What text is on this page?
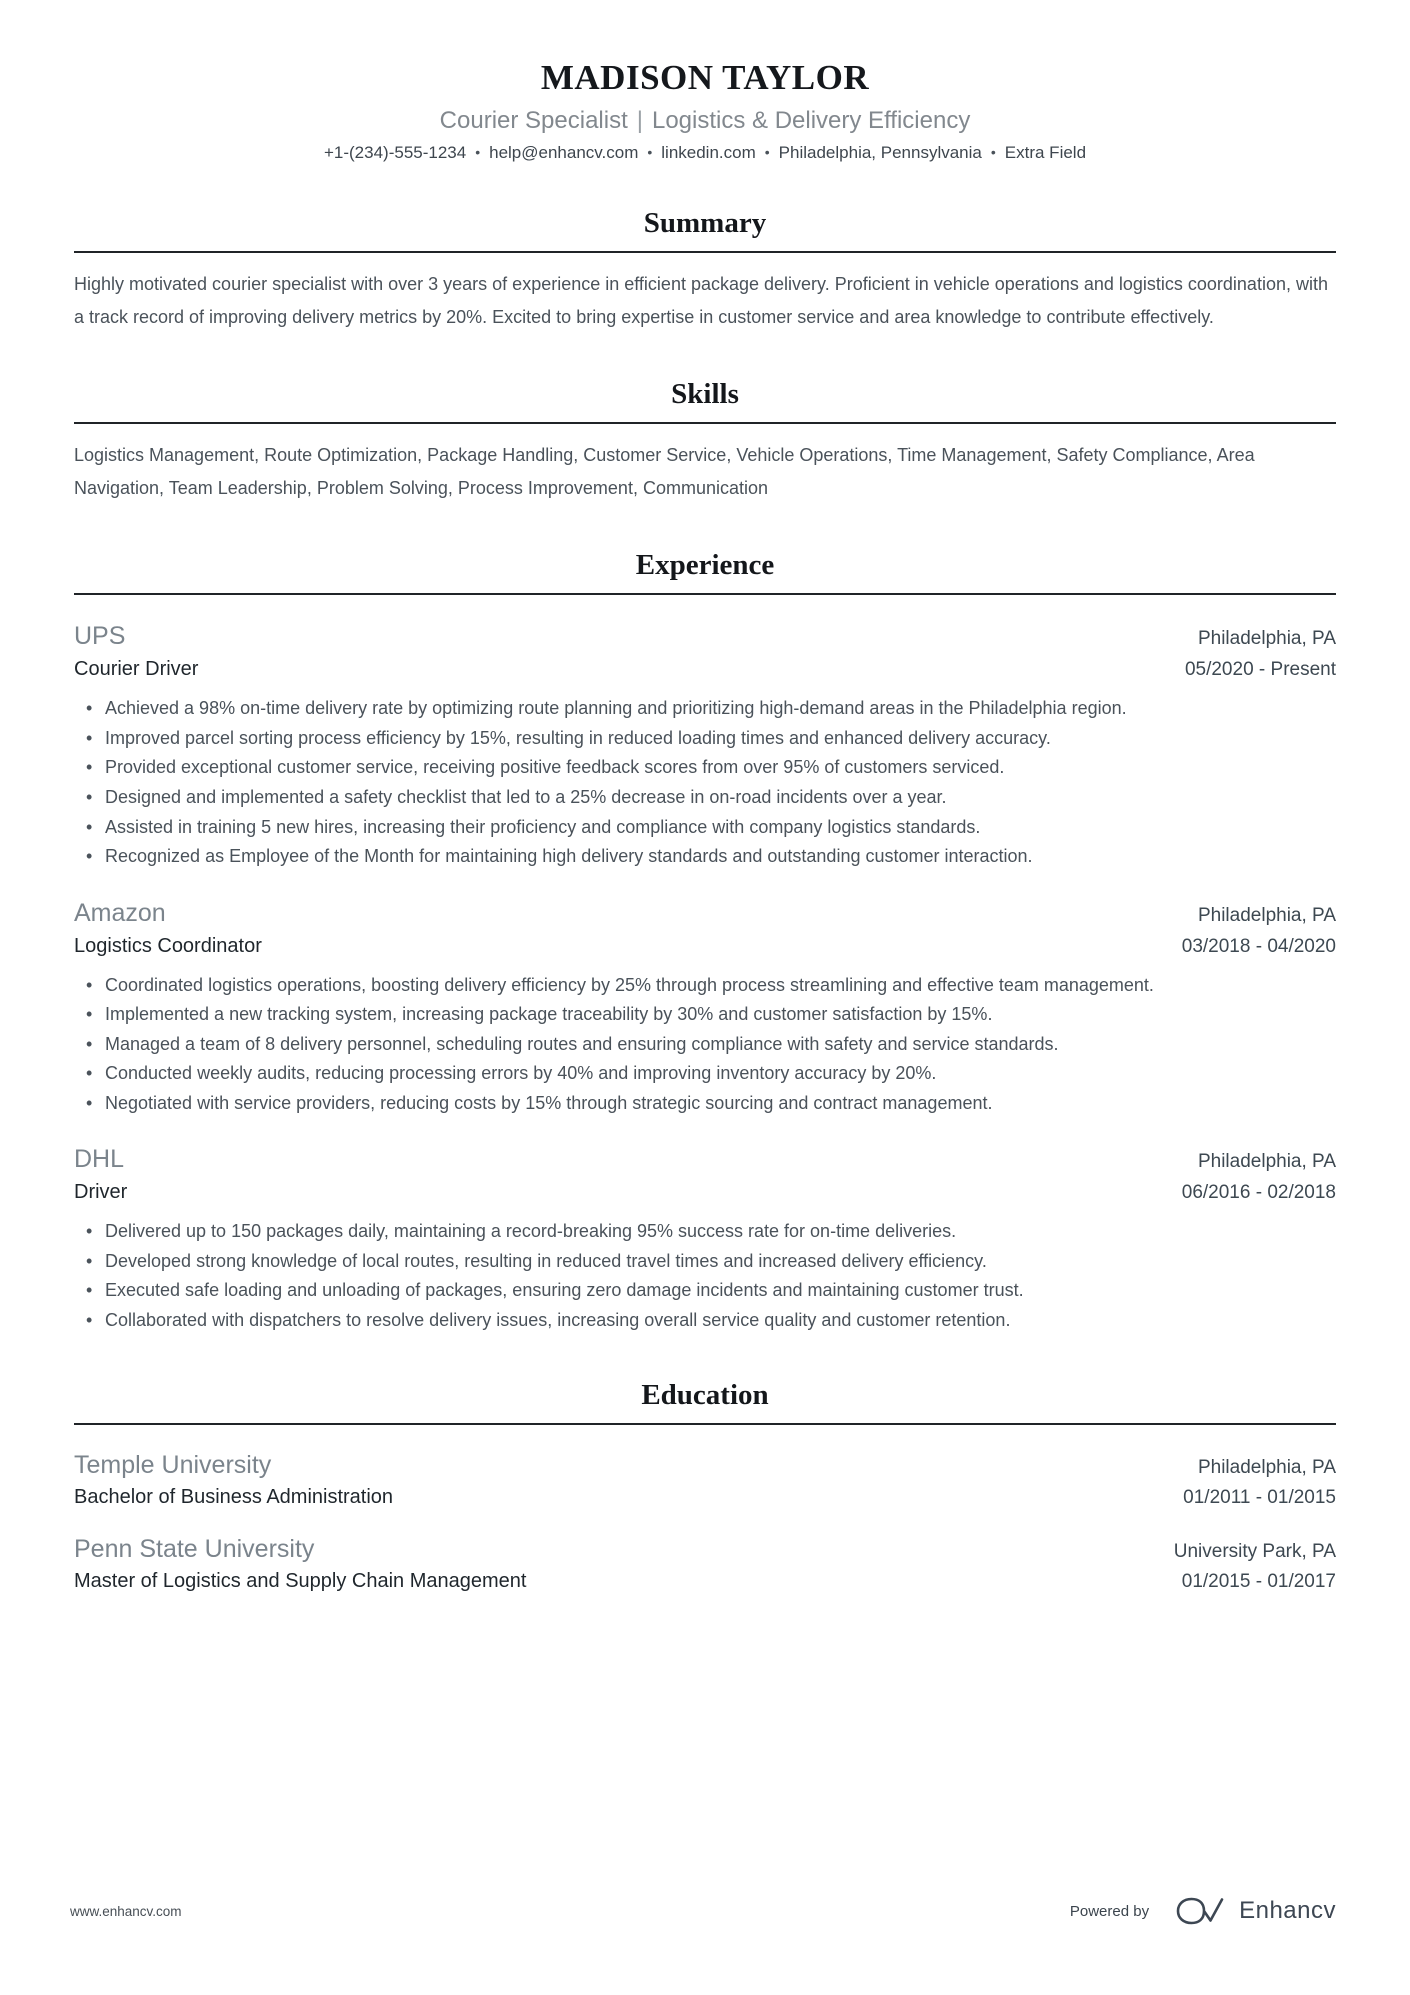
MADISON TAYLOR
Courier Specialist | Logistics & Delivery Efficiency
+1-(234)-555-1234 • help@enhancv.com • linkedin.com • Philadelphia, Pennsylvania • Extra Field
Summary
Highly motivated courier specialist with over 3 years of experience in efficient package delivery. Proficient in vehicle operations and logistics coordination, with a track record of improving delivery metrics by 20%. Excited to bring expertise in customer service and area knowledge to contribute effectively.
Skills
Logistics Management, Route Optimization, Package Handling, Customer Service, Vehicle Operations, Time Management, Safety Compliance, Area Navigation, Team Leadership, Problem Solving, Process Improvement, Communication
Experience
UPS	Philadelphia, PA
Courier Driver	05/2020 - Present
• Achieved a 98% on-time delivery rate by optimizing route planning and prioritizing high-demand areas in the Philadelphia region.
• Improved parcel sorting process efficiency by 15%, resulting in reduced loading times and enhanced delivery accuracy.
• Provided exceptional customer service, receiving positive feedback scores from over 95% of customers serviced.
• Designed and implemented a safety checklist that led to a 25% decrease in on-road incidents over a year.
• Assisted in training 5 new hires, increasing their proficiency and compliance with company logistics standards.
• Recognized as Employee of the Month for maintaining high delivery standards and outstanding customer interaction.
Amazon	Philadelphia, PA
Logistics Coordinator	03/2018 - 04/2020
• Coordinated logistics operations, boosting delivery efficiency by 25% through process streamlining and effective team management.
• Implemented a new tracking system, increasing package traceability by 30% and customer satisfaction by 15%.
• Managed a team of 8 delivery personnel, scheduling routes and ensuring compliance with safety and service standards.
• Conducted weekly audits, reducing processing errors by 40% and improving inventory accuracy by 20%.
• Negotiated with service providers, reducing costs by 15% through strategic sourcing and contract management.
DHL	Philadelphia, PA
Driver	06/2016 - 02/2018
• Delivered up to 150 packages daily, maintaining a record-breaking 95% success rate for on-time deliveries.
• Developed strong knowledge of local routes, resulting in reduced travel times and increased delivery efficiency.
• Executed safe loading and unloading of packages, ensuring zero damage incidents and maintaining customer trust.
• Collaborated with dispatchers to resolve delivery issues, increasing overall service quality and customer retention.
Education
Temple University	Philadelphia, PA
Bachelor of Business Administration	01/2011 - 01/2015
Penn State University	University Park, PA
Master of Logistics and Supply Chain Management	01/2015 - 01/2017
www.enhancv.com	Powered by	Enhancv
